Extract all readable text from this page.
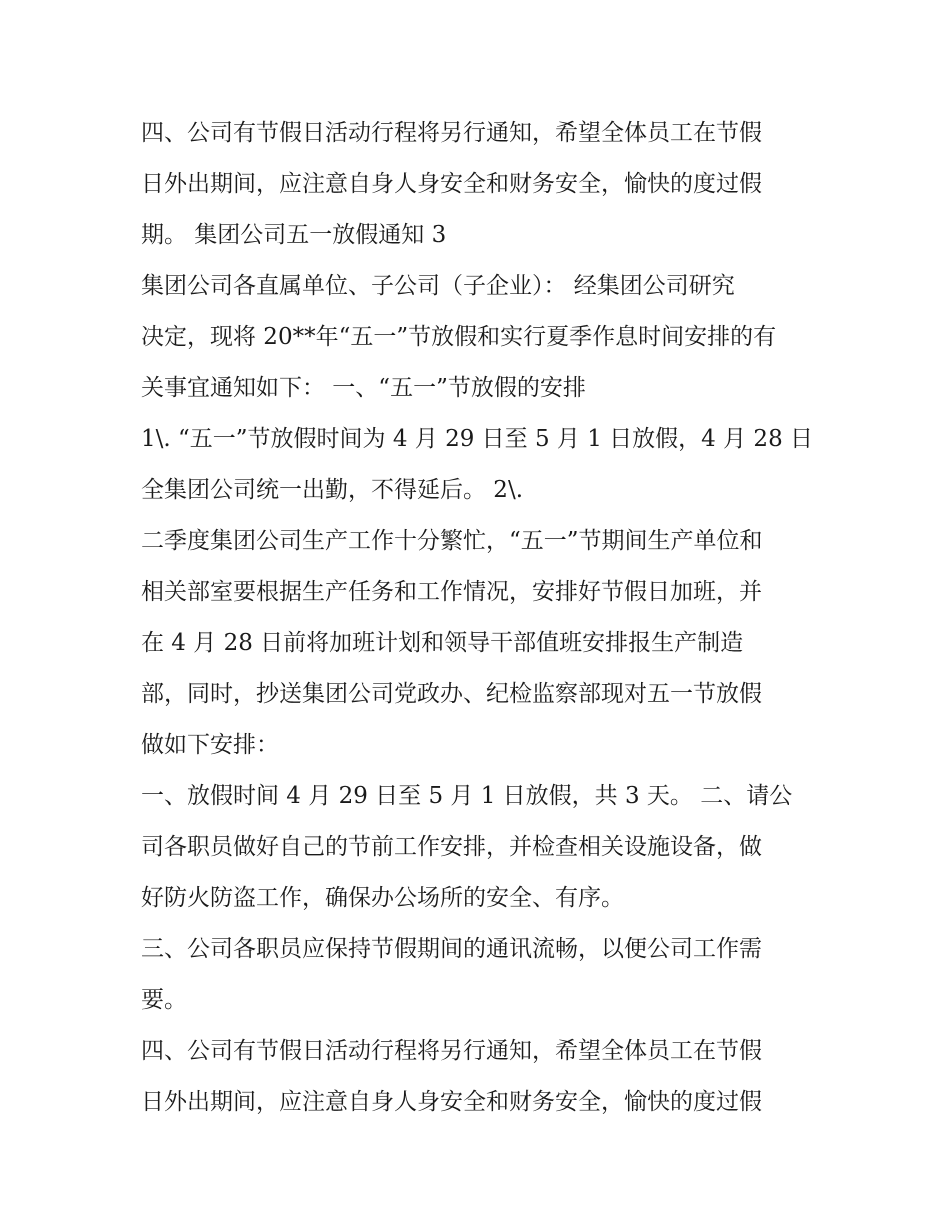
四、公司有节假日活动行程将另行通知，希望全体员工在节假
日外出期间，应注意自身人身安全和财务安全，愉快的度过假
期。 集团公司五一放假通知 3
集团公司各直属单位、子公司（子企业）： 经集团公司研究
决定，现将 20**年“五一”节放假和实行夏季作息时间安排的有
关事宜通知如下： 一、“五一”节放假的安排
1\. “五一”节放假时间为 4 月 29 日至 5 月 1 日放假，4 月 28 日
全集团公司统一出勤，不得延后。 2\.
二季度集团公司生产工作十分繁忙，“五一”节期间生产单位和
相关部室要根据生产任务和工作情况，安排好节假日加班，并
在 4 月 28 日前将加班计划和领导干部值班安排报生产制造
部，同时，抄送集团公司党政办、纪检监察部现对五一节放假
做如下安排：
一、放假时间 4 月 29 日至 5 月 1 日放假，共 3 天。 二、请公
司各职员做好自己的节前工作安排，并检查相关设施设备，做
好防火防盗工作，确保办公场所的安全、有序。
三、公司各职员应保持节假期间的通讯流畅，以便公司工作需
要。
四、公司有节假日活动行程将另行通知，希望全体员工在节假
日外出期间，应注意自身人身安全和财务安全，愉快的度过假
